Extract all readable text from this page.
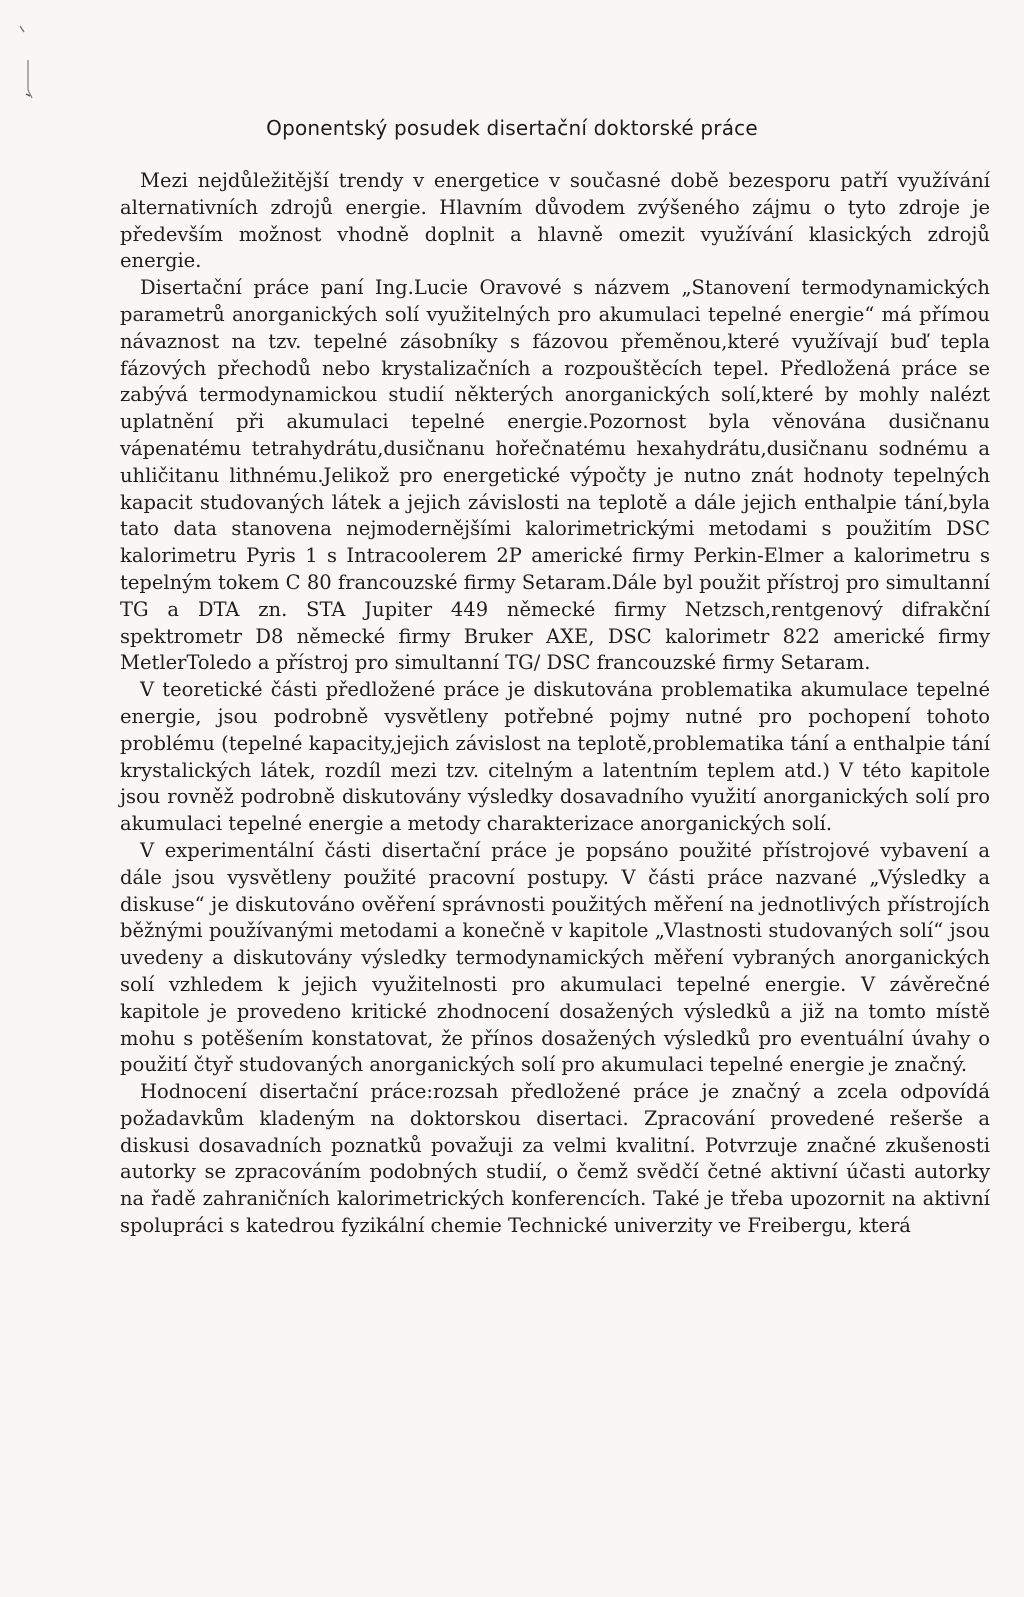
Oponentský posudek disertační doktorské práce

Mezi nejdůležitější trendy v energetice v současné době bezesporu patří využívání alternativních zdrojů energie. Hlavním důvodem zvýšeného zájmu o tyto zdroje je především možnost vhodně doplnit a hlavně omezit využívání klasických zdrojů energie.

Disertační práce paní Ing.Lucie Oravové s názvem „Stanovení termodynamických parametrů anorganických solí využitelných pro akumulaci tepelné energie“ má přímou návaznost na tzv. tepelné zásobníky s fázovou přeměnou,které využívají buď tepla fázových přechodů nebo krystalizačních a rozpouštěcích tepel. Předložená práce se zabývá termodynamickou studií některých anorganických solí,které by mohly nalézt uplatnění při akumulaci tepelné energie.Pozornost byla věnována dusičnanu vápenatému tetrahydrátu,dusičnanu hořečnatému hexahydrátu,dusičnanu sodnému a uhličitanu lithnému.Jelikož pro energetické výpočty je nutno znát hodnoty tepelných kapacit studovaných látek a jejich závislosti na teplotě a dále jejich enthalpie tání,byla tato data stanovena nejmodernějšími kalorimetrickými metodami s použitím DSC kalorimetru Pyris 1 s Intracoolerem 2P americké firmy Perkin-Elmer a kalorimetru s tepelným tokem C 80 francouzské firmy Setaram.Dále byl použit přístroj pro simultanní TG a DTA zn. STA Jupiter 449 německé firmy Netzsch,rentgenový difrakční spektrometr D8 německé firmy Bruker AXE, DSC kalorimetr 822 americké firmy MetlerToledo a přístroj pro simultanní TG/ DSC francouzské firmy Setaram.

V teoretické části předložené práce je diskutována problematika akumulace tepelné energie, jsou podrobně vysvětleny potřebné pojmy nutné pro pochopení tohoto problému (tepelné kapacity,jejich závislost na teplotě,problematika tání a enthalpie tání krystalických látek, rozdíl mezi tzv. citelným a latentním teplem atd.) V této kapitole jsou rovněž podrobně diskutovány výsledky dosavadního využití anorganických solí pro akumulaci tepelné energie a metody charakterizace anorganických solí.

V experimentální části disertační práce je popsáno použité přístrojové vybavení a dále jsou vysvětleny použité pracovní postupy. V části práce nazvané „Výsledky a diskuse“ je diskutováno ověření správnosti použitých měření na jednotlivých přístrojích běžnými používanými metodami a konečně v kapitole „Vlastnosti studovaných solí“ jsou uvedeny a diskutovány výsledky termodynamických měření vybraných anorganických solí vzhledem k jejich využitelnosti pro akumulaci tepelné energie. V závěrečné kapitole je provedeno kritické zhodnocení dosažených výsledků a již na tomto místě mohu s potěšením konstatovat, že přínos dosažených výsledků pro eventuální úvahy o použití čtyř studovaných anorganických solí pro akumulaci tepelné energie je značný.

Hodnocení disertační práce:rozsah předložené práce je značný a zcela odpovídá požadavkům kladeným na doktorskou disertaci. Zpracování provedené rešerše a diskusi dosavadních poznatků považuji za velmi kvalitní. Potvrzuje značné zkušenosti autorky se zpracováním podobných studií, o čemž svědčí četné aktivní účasti autorky na řadě zahraničních kalorimetrických konferencích. Také je třeba upozornit na aktivní spolupráci s katedrou fyzikální chemie Technické univerzity ve Freibergu, která
